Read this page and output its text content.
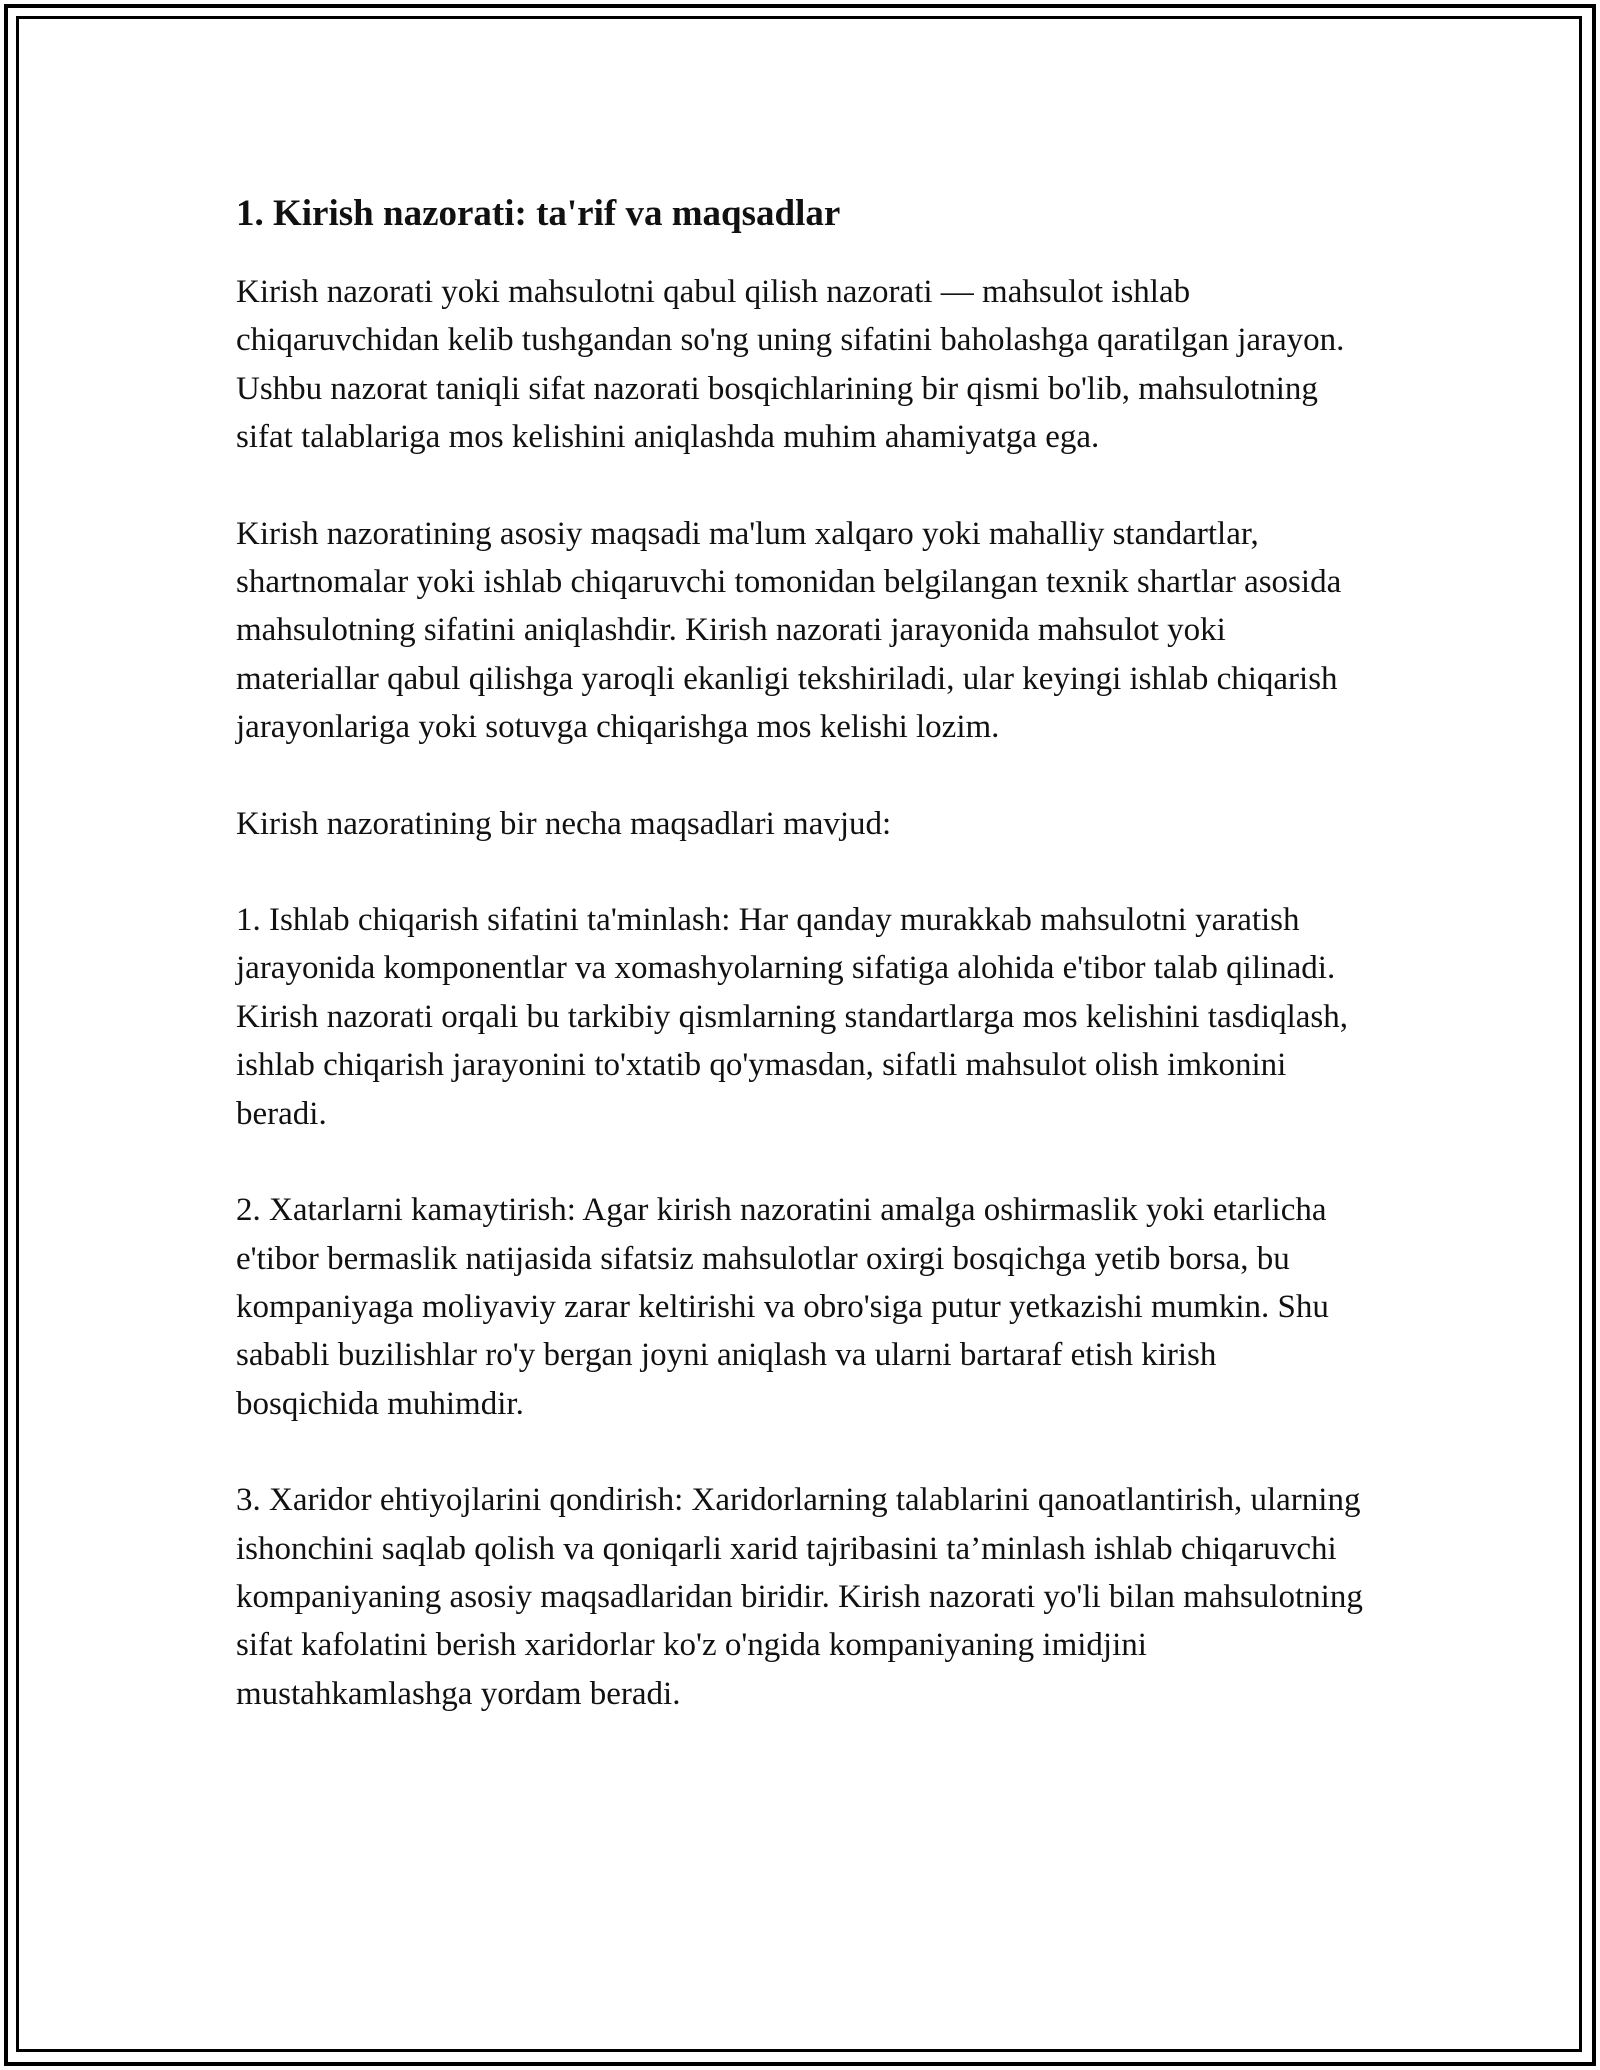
1. Kirish nazorati: ta'rif va maqsadlar

Kirish nazorati yoki mahsulotni qabul qilish nazorati — mahsulot ishlab chiqaruvchidan kelib tushgandan so'ng uning sifatini baholashga qaratilgan jarayon. Ushbu nazorat taniqli sifat nazorati bosqichlarining bir qismi bo'lib, mahsulotning sifat talablariga mos kelishini aniqlashda muhim ahamiyatga ega.

Kirish nazoratining asosiy maqsadi ma'lum xalqaro yoki mahalliy standartlar, shartnomalar yoki ishlab chiqaruvchi tomonidan belgilangan texnik shartlar asosida mahsulotning sifatini aniqlashdir. Kirish nazorati jarayonida mahsulot yoki materiallar qabul qilishga yaroqli ekanligi tekshiriladi, ular keyingi ishlab chiqarish jarayonlariga yoki sotuvga chiqarishga mos kelishi lozim.

Kirish nazoratining bir necha maqsadlari mavjud:

1. Ishlab chiqarish sifatini ta'minlash: Har qanday murakkab mahsulotni yaratish jarayonida komponentlar va xomashyolarning sifatiga alohida e'tibor talab qilinadi. Kirish nazorati orqali bu tarkibiy qismlarning standartlarga mos kelishini tasdiqlash, ishlab chiqarish jarayonini to'xtatib qo'ymasdan, sifatli mahsulot olish imkonini beradi.

2. Xatarlarni kamaytirish: Agar kirish nazoratini amalga oshirmaslik yoki etarlicha e'tibor bermaslik natijasida sifatsiz mahsulotlar oxirgi bosqichga yetib borsa, bu kompaniyaga moliyaviy zarar keltirishi va obro'siga putur yetkazishi mumkin. Shu sababli buzilishlar ro'y bergan joyni aniqlash va ularni bartaraf etish kirish bosqichida muhimdir.

3. Xaridor ehtiyojlarini qondirish: Xaridorlarning talablarini qanoatlantirish, ularning ishonchini saqlab qolish va qoniqarli xarid tajribasini ta’minlash ishlab chiqaruvchi kompaniyaning asosiy maqsadlaridan biridir. Kirish nazorati yo'li bilan mahsulotning sifat kafolatini berish xaridorlar ko'z o'ngida kompaniyaning imidjini mustahkamlashga yordam beradi.
